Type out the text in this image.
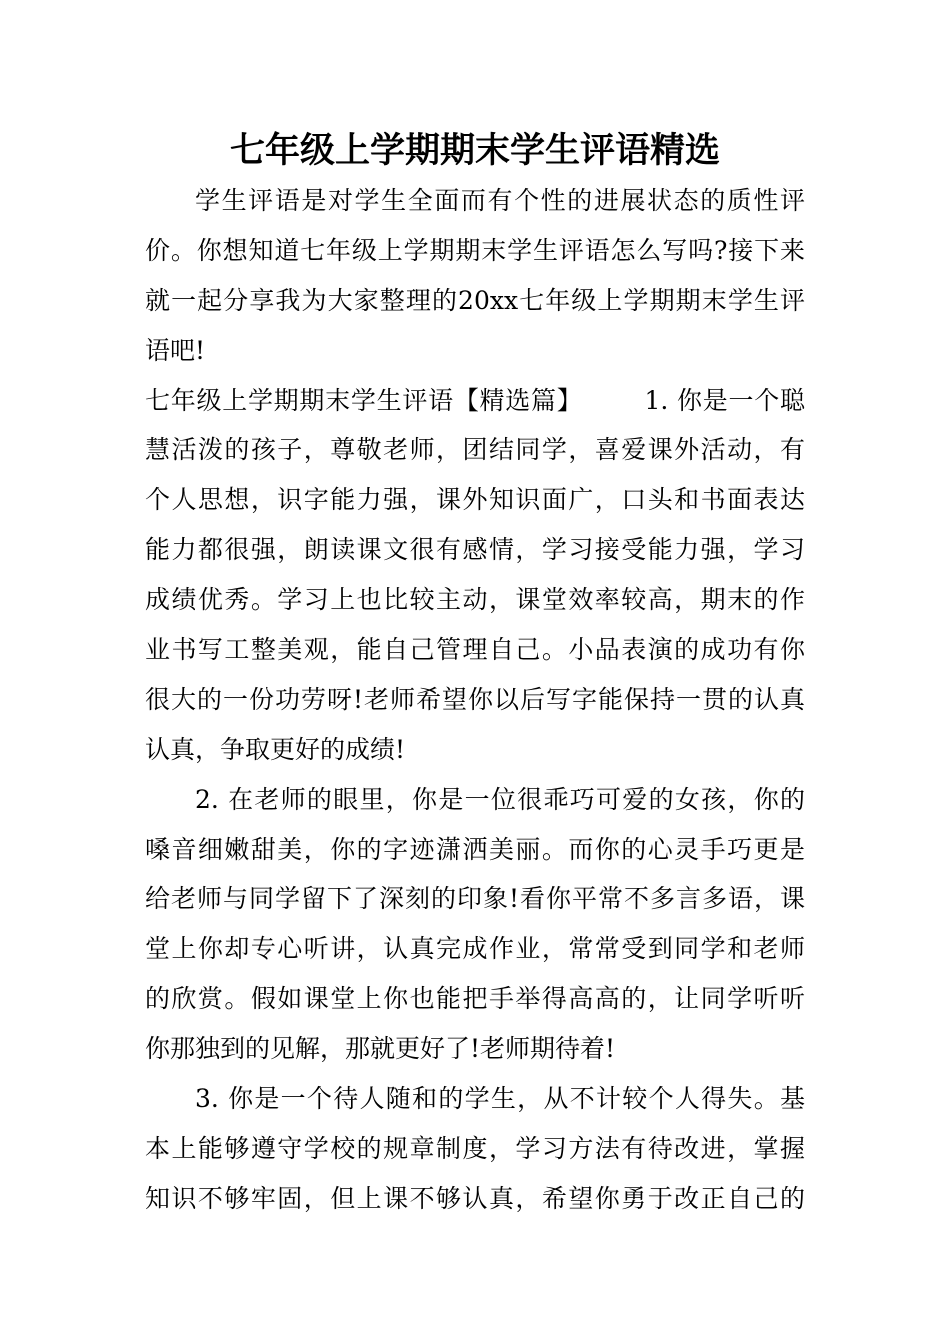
七年级上学期期末学生评语精选
学生评语是对学生全面而有个性的进展状态的质性评
价。你想知道七年级上学期期末学生评语怎么写吗?接下来
就一起分享我为大家整理的20xx七年级上学期期末学生评
语吧!
七年级上学期期末学生评语【精选篇】 1. 你是一个聪
慧活泼的孩子，尊敬老师，团结同学，喜爱课外活动，有
个人思想，识字能力强，课外知识面广，口头和书面表达
能力都很强，朗读课文很有感情，学习接受能力强，学习
成绩优秀。学习上也比较主动，课堂效率较高，期末的作
业书写工整美观，能自己管理自己。小品表演的成功有你
很大的一份功劳呀!老师希望你以后写字能保持一贯的认真
认真，争取更好的成绩!
2. 在老师的眼里，你是一位很乖巧可爱的女孩，你的
嗓音细嫩甜美，你的字迹潇洒美丽。而你的心灵手巧更是
给老师与同学留下了深刻的印象!看你平常不多言多语，课
堂上你却专心听讲，认真完成作业，常常受到同学和老师
的欣赏。假如课堂上你也能把手举得高高的，让同学听听
你那独到的见解，那就更好了!老师期待着!
3. 你是一个待人随和的学生，从不计较个人得失。基
本上能够遵守学校的规章制度，学习方法有待改进，掌握
知识不够牢固，但上课不够认真，希望你勇于改正自己的
